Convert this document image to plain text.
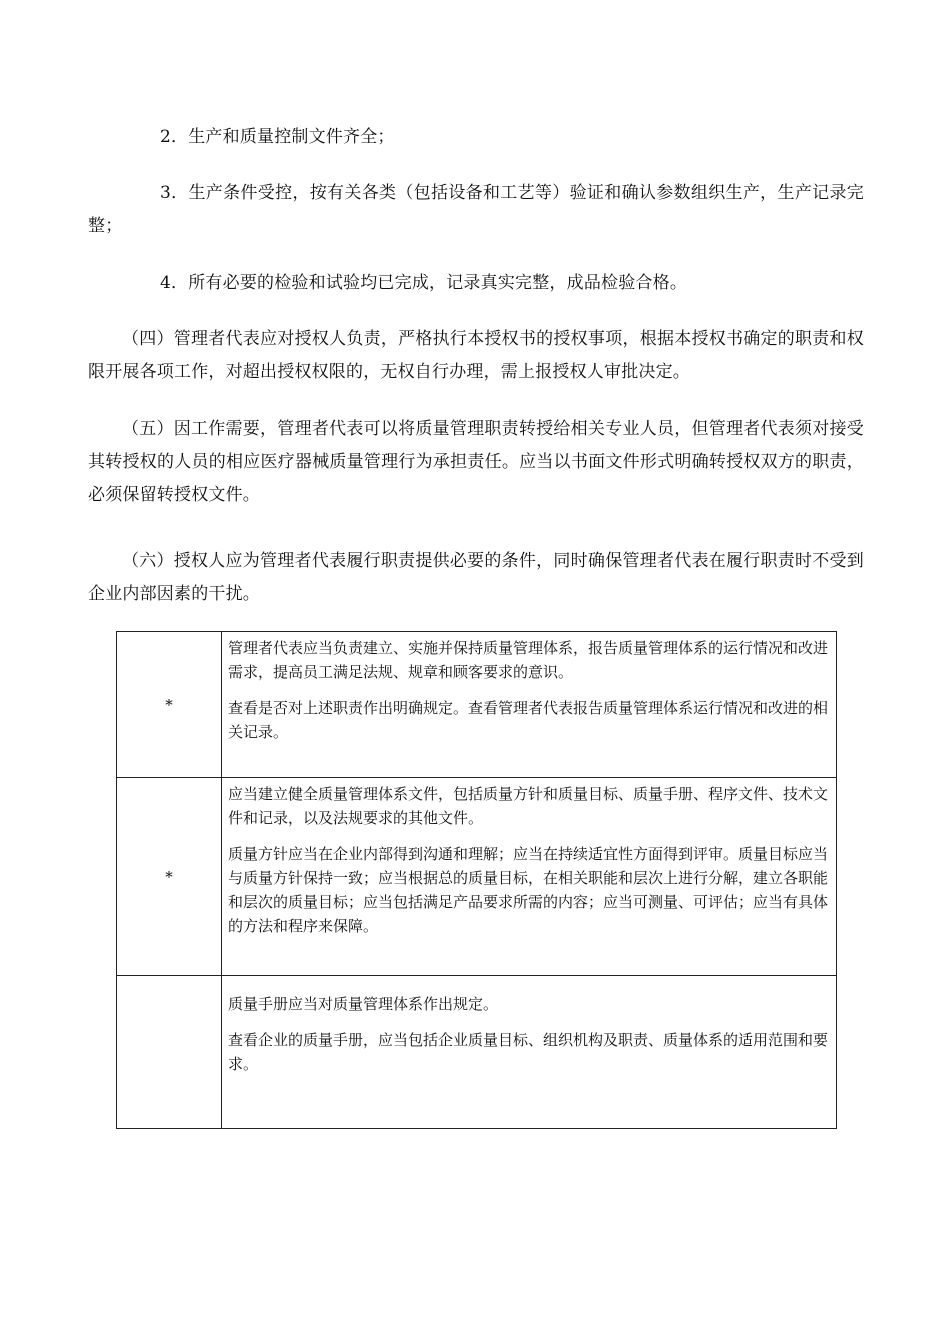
2．生产和质量控制文件齐全；

3．生产条件受控，按有关各类（包括设备和工艺等）验证和确认参数组织生产，生产记录完整；

4．所有必要的检验和试验均已完成，记录真实完整，成品检验合格。

（四）管理者代表应对授权人负责，严格执行本授权书的授权事项，根据本授权书确定的职责和权限开展各项工作，对超出授权权限的，无权自行办理，需上报授权人审批决定。

（五）因工作需要，管理者代表可以将质量管理职责转授给相关专业人员，但管理者代表须对接受其转授权的人员的相应医疗器械质量管理行为承担责任。应当以书面文件形式明确转授权双方的职责，必须保留转授权文件。

（六）授权人应为管理者代表履行职责提供必要的条件，同时确保管理者代表在履行职责时不受到企业内部因素的干扰。

*	管理者代表应当负责建立、实施并保持质量管理体系，报告质量管理体系的运行情况和改进需求，提高员工满足法规、规章和顾客要求的意识。

查看是否对上述职责作出明确规定。查看管理者代表报告质量管理体系运行情况和改进的相关记录。

*	应当建立健全质量管理体系文件，包括质量方针和质量目标、质量手册、程序文件、技术文件和记录，以及法规要求的其他文件。

质量方针应当在企业内部得到沟通和理解；应当在持续适宜性方面得到评审。质量目标应当与质量方针保持一致；应当根据总的质量目标，在相关职能和层次上进行分解，建立各职能和层次的质量目标；应当包括满足产品要求所需的内容；应当可测量、可评估；应当有具体的方法和程序来保障。

	质量手册应当对质量管理体系作出规定。

查看企业的质量手册，应当包括企业质量目标、组织机构及职责、质量体系的适用范围和要求。
